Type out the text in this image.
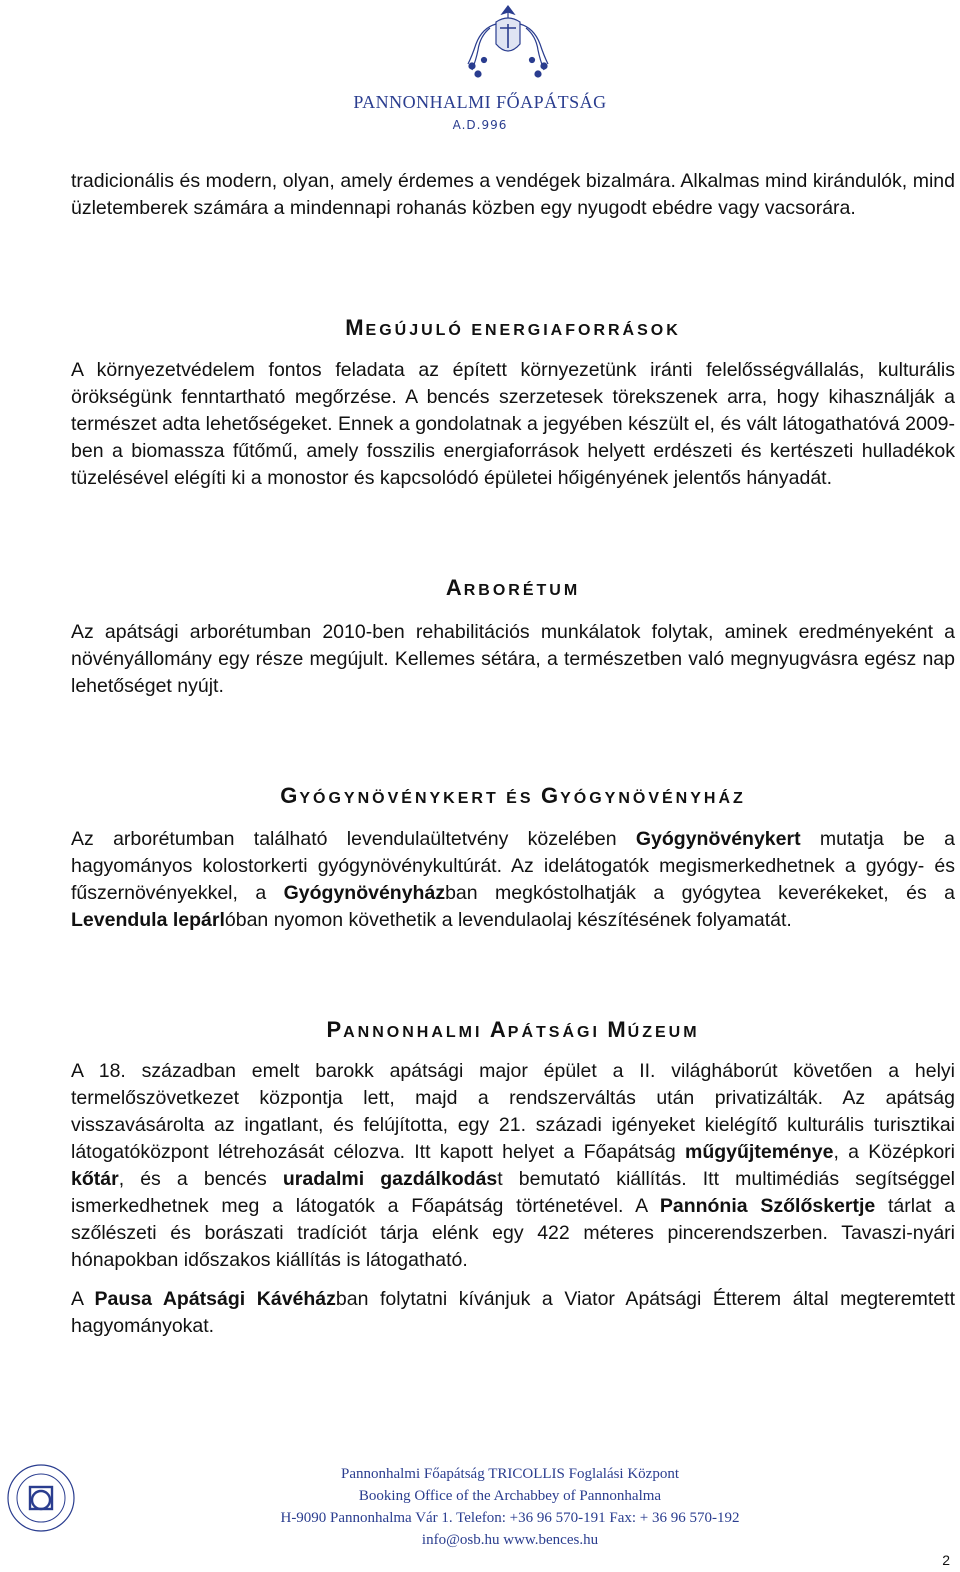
PANNONHALMI FŐAPÁTSÁG
A.D.996

tradicionális és modern, olyan, amely érdemes a vendégek bizalmára. Alkalmas mind kirándulók, mind üzletemberek számára a mindennapi rohanás közben egy nyugodt ebédre vagy vacsorára.

MEGÚJULÓ ENERGIAFORRÁSOK

A környezetvédelem fontos feladata az épített környezetünk iránti felelősségvállalás, kulturális örökségünk fenntartható megőrzése. A bencés szerzetesek törekszenek arra, hogy kihasználják a természet adta lehetőségeket. Ennek a gondolatnak a jegyében készült el, és vált látogathatóvá 2009-ben a biomassza fűtőmű, amely fosszilis energiaforrások helyett erdészeti és kertészeti hulladékok tüzelésével elégíti ki a monostor és kapcsolódó épületei hőigényének jelentős hányadát.

ARBORÉTUM

Az apátsági arborétumban 2010-ben rehabilitációs munkálatok folytak, aminek eredményeként a növényállomány egy része megújult. Kellemes sétára, a természetben való megnyugvásra egész nap lehetőséget nyújt.

GYÓGYNÖVÉNYKERT ÉS GYÓGYNÖVÉNYHÁZ

Az arborétumban található levendulaültetvény közelében Gyógynövénykert mutatja be a hagyományos kolostorkerti gyógynövénykultúrát. Az idelátogatók megismerkedhetnek a gyógy- és fűszernövényekkel, a Gyógynövényházban megkóstolhatják a gyógytea keverékeket, és a Levendula lepárlóban nyomon követhetik a levendulaolaj készítésének folyamatát.

PANNONHALMI APÁTSÁGI MÚZEUM

A 18. században emelt barokk apátsági major épület a II. világháborút követően a helyi termelőszövetkezet központja lett, majd a rendszerváltás után privatizálták. Az apátság visszavásárolta az ingatlant, és felújította, egy 21. századi igényeket kielégítő kulturális turisztikai látogatóközpont létrehozását célozva. Itt kapott helyet a Főapátság műgyűjteménye, a Középkori kőtár, és a bencés uradalmi gazdálkodást bemutató kiállítás. Itt multimédiás segítséggel ismerkedhetnek meg a látogatók a Főapátság történetével. A Pannónia Szőlőskertje tárlat a szőlészeti és borászati tradíciót tárja elénk egy 422 méteres pincerendszerben. Tavaszi-nyári hónapokban időszakos kiállítás is látogatható.

A Pausa Apátsági Kávéházban folytatni kívánjuk a Viator Apátsági Étterem által megteremtett hagyományokat.

Pannonhalmi Főapátság TRICOLLIS Foglalási Központ
Booking Office of the Archabbey of Pannonhalma
H-9090 Pannonhalma Vár 1. Telefon: +36 96 570-191 Fax: + 36 96 570-192
info@osb.hu www.bences.hu
2
